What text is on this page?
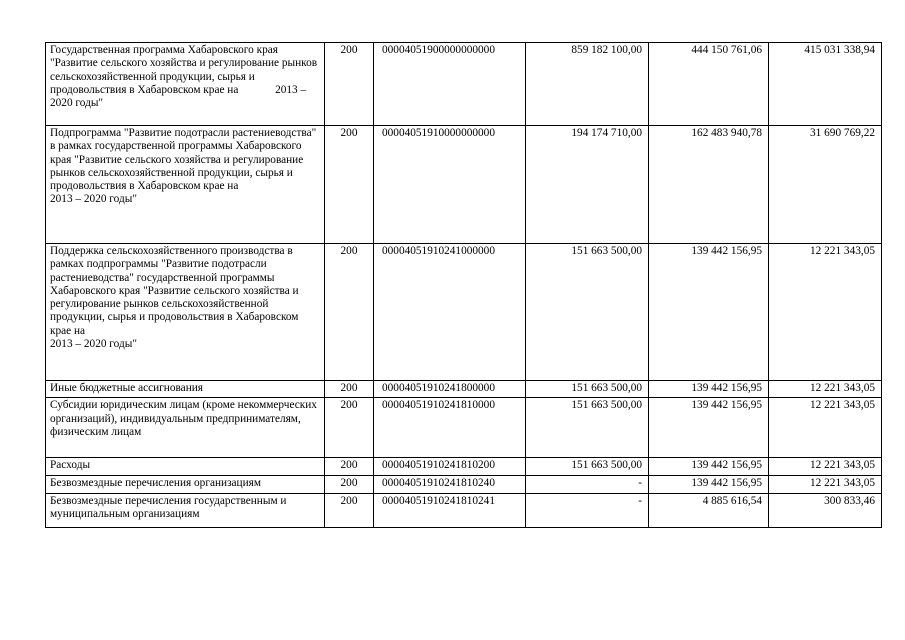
Государственная программа Хабаровского края "Развитие сельского хозяйства и регулирование рынков сельскохозяйственной продукции, сырья и продовольствия в Хабаровском крае на             2013 – 2020 годы"	200	00004051900000000000	859 182 100,00	444 150 761,06	415 031 338,94
Подпрограмма "Развитие подотрасли растениеводства" в рамках государственной программы Хабаровского края "Развитие сельского хозяйства и регулирование рынков сельскохозяйственной продукции, сырья и продовольствия в Хабаровском крае на
2013 – 2020 годы"	200	00004051910000000000	194 174 710,00	162 483 940,78	31 690 769,22
Поддержка сельскохозяйственного производства в рамках подпрограммы "Развитие подотрасли растениеводства" государственной программы Хабаровского края "Развитие сельского хозяйства и регулирование рынков сельскохозяйственной продукции, сырья и продовольствия в Хабаровском крае на
2013 – 2020 годы"	200	00004051910241000000	151 663 500,00	139 442 156,95	12 221 343,05
Иные бюджетные ассигнования	200	00004051910241800000	151 663 500,00	139 442 156,95	12 221 343,05
Субсидии юридическим лицам (кроме некоммерческих организаций), индивидуальным предпринимателям, физическим лицам	200	00004051910241810000	151 663 500,00	139 442 156,95	12 221 343,05
Расходы	200	00004051910241810200	151 663 500,00	139 442 156,95	12 221 343,05
Безвозмездные перечисления организациям	200	00004051910241810240	-	139 442 156,95	12 221 343,05
Безвозмездные перечисления государственным и муниципальным организациям	200	00004051910241810241	-	4 885 616,54	300 833,46
